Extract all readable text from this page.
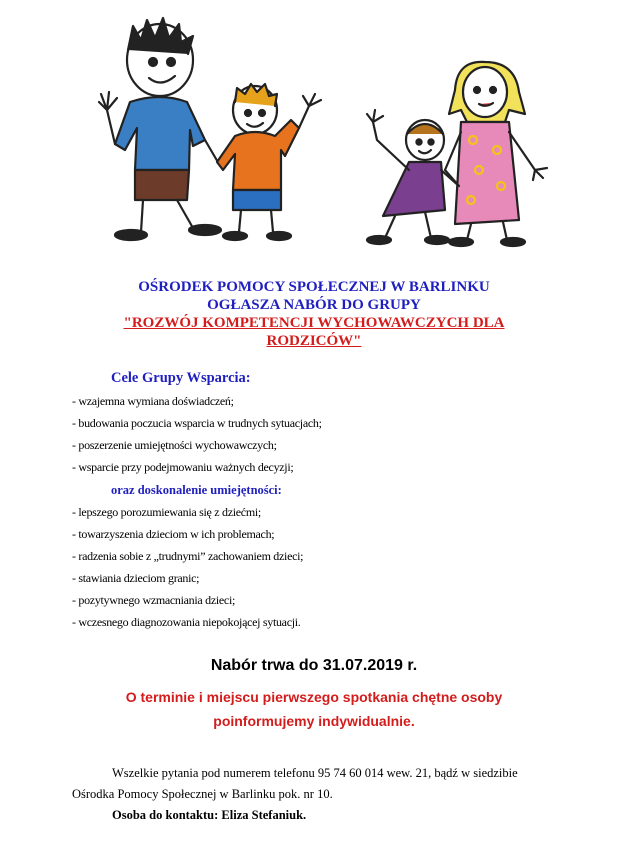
OŚRODEK POMOCY SPOŁECZNEJ W BARLINKU
OGŁASZA NABÓR DO GRUPY
"ROZWÓJ KOMPETENCJI WYCHOWAWCZYCH DLA
RODZICÓW"
Cele Grupy Wsparcia:
- wzajemna wymiana doświadczeń;
- budowania poczucia wsparcia w trudnych sytuacjach;
- poszerzenie umiejętności wychowawczych;
- wsparcie przy podejmowaniu ważnych decyzji;
oraz doskonalenie umiejętności:
- lepszego porozumiewania się z dziećmi;
- towarzyszenia dzieciom w ich problemach;
- radzenia sobie z „trudnymi” zachowaniem dzieci;
- stawiania dzieciom granic;
- pozytywnego wzmacniania dzieci;
- wczesnego diagnozowania niepokojącej sytuacji.
Nabór trwa do 31.07.2019 r.
O terminie i miejscu pierwszego spotkania chętne osoby
poinformujemy indywidualnie.
Wszelkie pytania pod numerem telefonu 95 74 60 014 wew. 21, bądź w siedzibie
Ośrodka Pomocy Społecznej w Barlinku pok. nr 10.
Osoba do kontaktu: Eliza Stefaniuk.
